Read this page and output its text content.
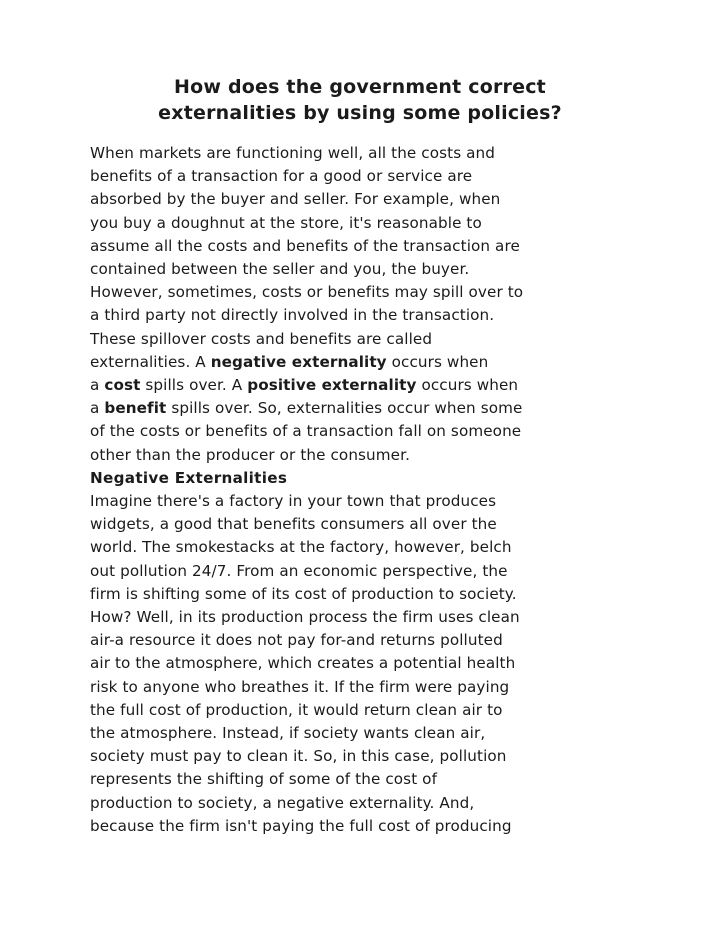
How does the government correct
externalities by using some policies?
When markets are functioning well, all the costs and
benefits of a transaction for a good or service are
absorbed by the buyer and seller. For example, when
you buy a doughnut at the store, it's reasonable to
assume all the costs and benefits of the transaction are
contained between the seller and you, the buyer.
However, sometimes, costs or benefits may spill over to
a third party not directly involved in the transaction.
These spillover costs and benefits are called
externalities. A negative externality occurs when
a cost spills over. A positive externality occurs when
a benefit spills over. So, externalities occur when some
of the costs or benefits of a transaction fall on someone
other than the producer or the consumer.
Negative Externalities
Imagine there's a factory in your town that produces
widgets, a good that benefits consumers all over the
world. The smokestacks at the factory, however, belch
out pollution 24/7. From an economic perspective, the
firm is shifting some of its cost of production to society.
How? Well, in its production process the firm uses clean
air-a resource it does not pay for-and returns polluted
air to the atmosphere, which creates a potential health
risk to anyone who breathes it. If the firm were paying
the full cost of production, it would return clean air to
the atmosphere. Instead, if society wants clean air,
society must pay to clean it. So, in this case, pollution
represents the shifting of some of the cost of
production to society, a negative externality. And,
because the firm isn't paying the full cost of producing
